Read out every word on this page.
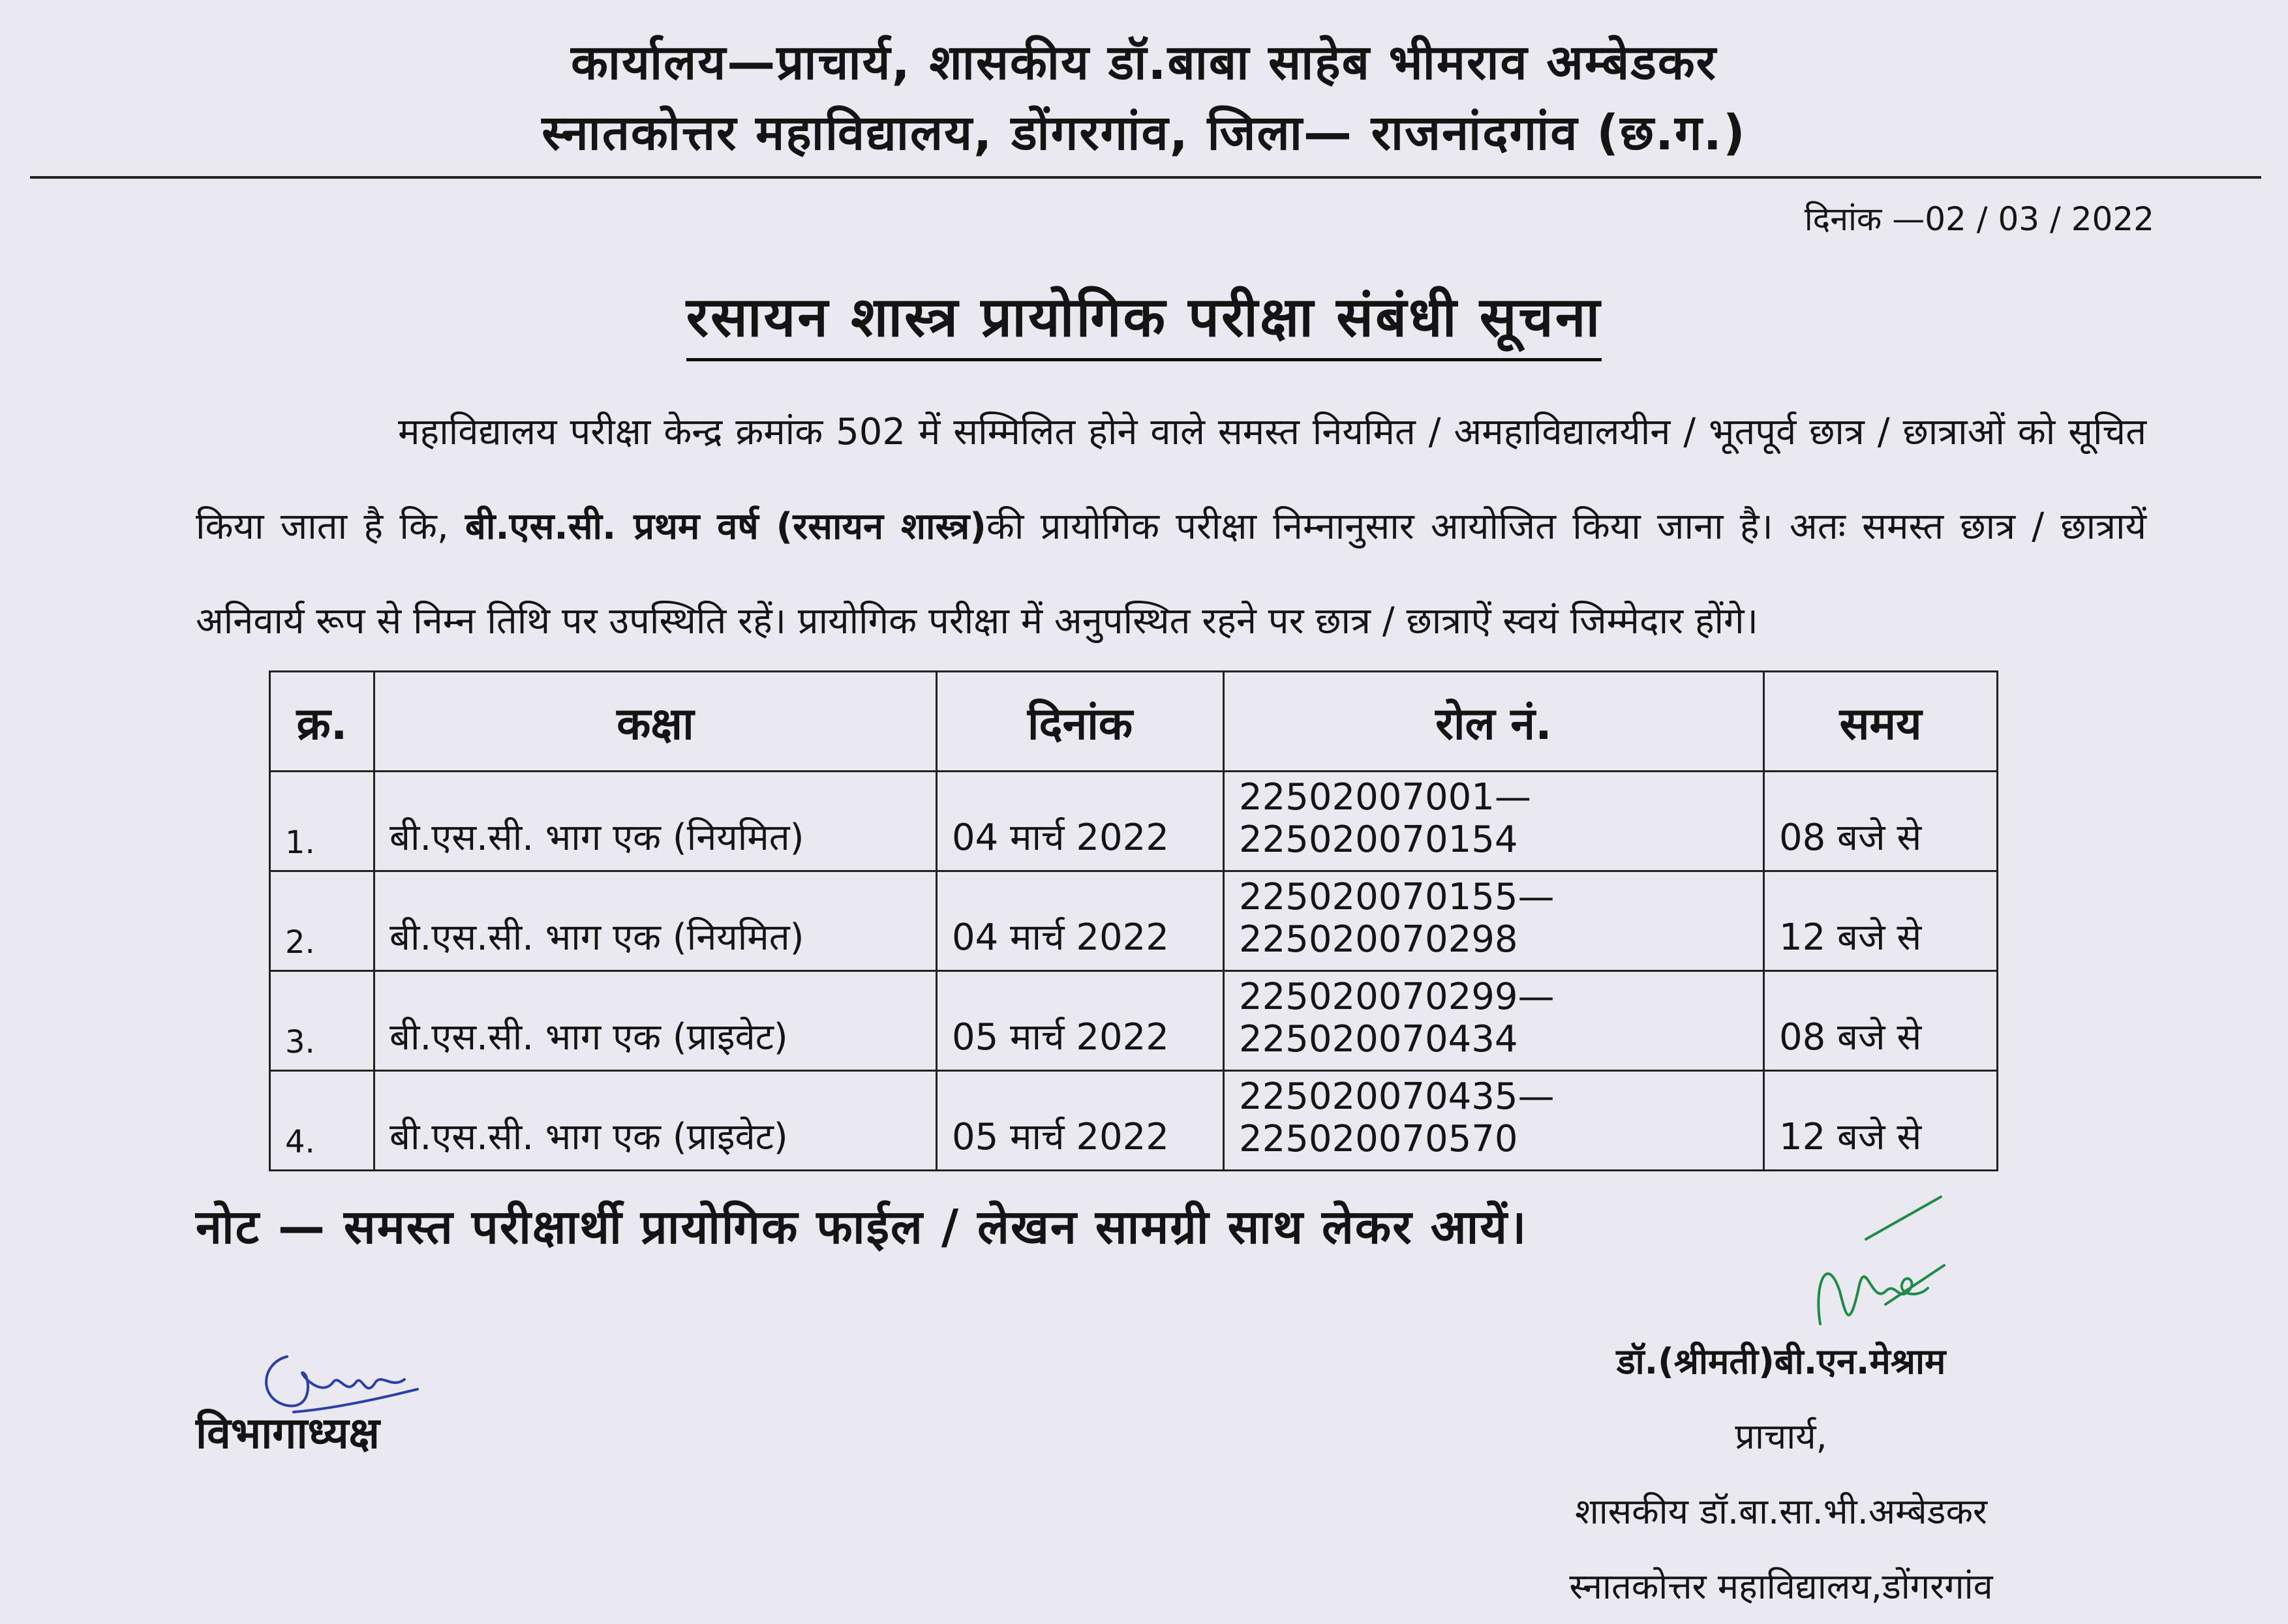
कार्यालय—प्राचार्य, शासकीय डॉ.बाबा साहेब भीमराव अम्बेडकर
स्नातकोत्तर महाविद्यालय, डोंगरगांव, जिला— राजनांदगांव (छ.ग.)
दिनांक —02 / 03 / 2022
रसायन शास्त्र प्रायोगिक परीक्षा संबंधी सूचना
महाविद्यालय परीक्षा केन्द्र क्रमांक 502 में सम्मिलित होने वाले समस्त नियमित / अमहाविद्यालयीन / भूतपूर्व छात्र / छात्राओं को सूचित किया जाता है कि, बी.एस.सी. प्रथम वर्ष (रसायन शास्त्र)की प्रायोगिक परीक्षा निम्नानुसार आयोजित किया जाना है। अतः समस्त छात्र / छात्रायें अनिवार्य रूप से निम्न तिथि पर उपस्थिति रहें। प्रायोगिक परीक्षा में अनुपस्थित रहने पर छात्र / छात्राऐं स्वयं जिम्मेदार होंगे।
क्र.	कक्षा	दिनांक	रोल नं.	समय
1.	बी.एस.सी. भाग एक (नियमित)	04 मार्च 2022	22502007001—225020070154	08 बजे से
2.	बी.एस.सी. भाग एक (नियमित)	04 मार्च 2022	225020070155—225020070298	12 बजे से
3.	बी.एस.सी. भाग एक (प्राइवेट)	05 मार्च 2022	225020070299—225020070434	08 बजे से
4.	बी.एस.सी. भाग एक (प्राइवेट)	05 मार्च 2022	225020070435—225020070570	12 बजे से
नोट — समस्त परीक्षार्थी प्रायोगिक फाईल / लेखन सामग्री साथ लेकर आयें।
डॉ.(श्रीमती)बी.एन.मेश्राम
प्राचार्य,
शासकीय डॉ.बा.सा.भी.अम्बेडकर
स्नातकोत्तर महाविद्यालय,डोंगरगांव
विभागाध्यक्ष
